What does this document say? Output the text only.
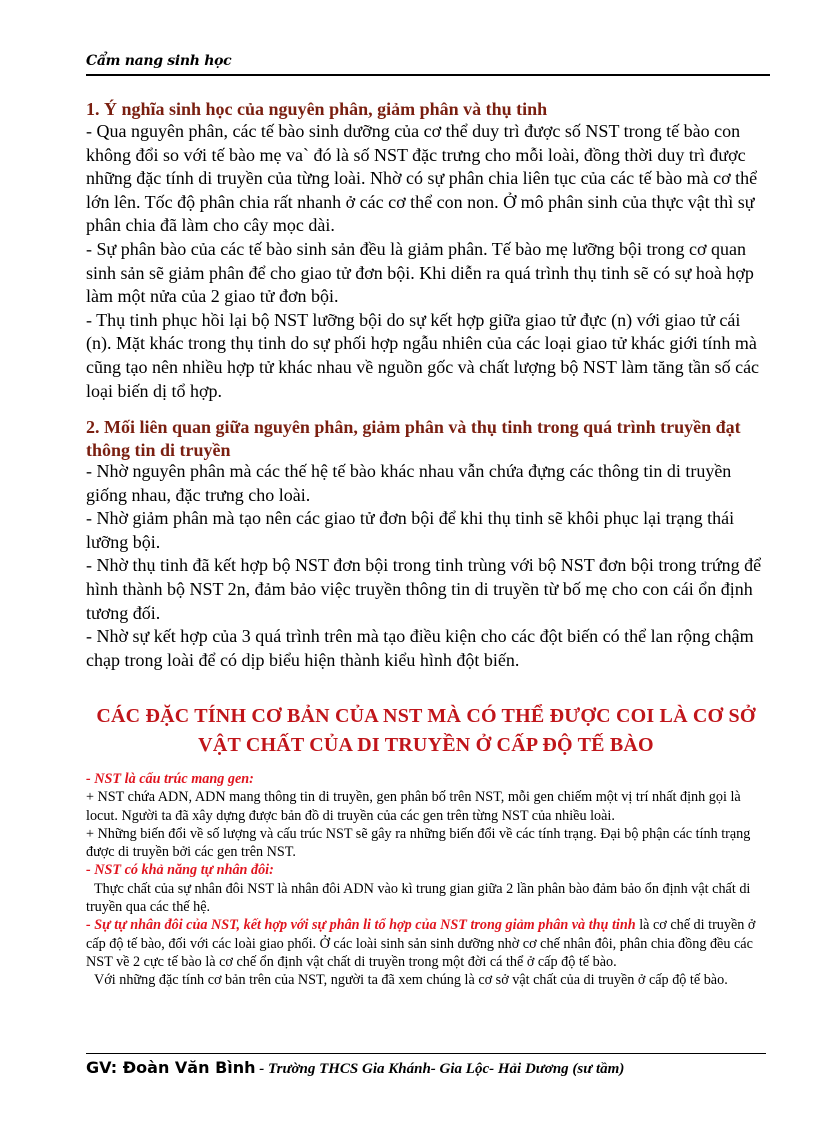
Cẩm nang sinh học
1. Ý nghĩa sinh học của nguyên phân, giảm phân và thụ tinh

- Qua nguyên phân, các tế bào sinh dưỡng của cơ thể duy trì được số NST trong tế bào con không đổi so với tế bào mẹ va` đó là số NST đặc trưng cho mỗi loài, đồng thời duy trì được những đặc tính di truyền của từng loài. Nhờ có sự phân chia liên tục của các tế bào mà cơ thể lớn lên. Tốc độ phân chia rất nhanh ở các cơ thể con non. Ở mô phân sinh của thực vật thì sự phân chia đã làm cho cây mọc dài.

- Sự phân bào của các tế bào sinh sản đều là giảm phân. Tế bào mẹ lưỡng bội trong cơ quan sinh sản sẽ giảm phân để cho giao tử đơn bội. Khi diễn ra quá trình thụ tinh sẽ có sự hoà hợp làm một nửa của 2 giao tử đơn bội.

- Thụ tinh phục hồi lại bộ NST lưỡng bội do sự kết hợp giữa giao tử đực (n) với giao tử cái (n). Mặt khác trong thụ tinh do sự phối hợp ngẫu nhiên của các loại giao tử khác giới tính mà cũng tạo nên nhiều hợp tử khác nhau về nguồn gốc và chất lượng bộ NST làm tăng tần số các loại biến dị tổ hợp.

2. Mối liên quan giữa nguyên phân, giảm phân và thụ tinh trong quá trình truyền đạt thông tin di truyền

- Nhờ nguyên phân mà các thế hệ tế bào khác nhau vẫn chứa đựng các thông tin di truyền giống nhau, đặc trưng cho loài.

- Nhờ giảm phân mà tạo nên các giao tử đơn bội để khi thụ tinh sẽ khôi phục lại trạng thái lưỡng bội.

- Nhờ thụ tinh đã kết hợp bộ NST đơn bội trong tinh trùng với bộ NST đơn bội trong trứng để hình thành bộ NST 2n, đảm bảo việc truyền thông tin di truyền từ bố mẹ cho con cái ổn định tương đối.

- Nhờ sự kết hợp của 3 quá trình trên mà tạo điều kiện cho các đột biến có thể lan rộng chậm chạp trong loài để có dịp biểu hiện thành kiểu hình đột biến.

CÁC ĐẶC TÍNH CƠ BẢN CỦA NST MÀ CÓ THỂ ĐƯỢC COI LÀ CƠ SỞ VẬT CHẤT CỦA DI TRUYỀN Ở CẤP ĐỘ TẾ BÀO

- NST là cấu trúc mang gen:

+ NST chứa ADN, ADN mang thông tin di truyền, gen phân bố trên NST, mỗi gen chiếm một vị trí nhất định gọi là locut. Người ta đã xây dựng được bản đồ di truyền của các gen trên từng NST của nhiều loài.

+ Những biến đổi về số lượng và cấu trúc NST sẽ gây ra những biến đổi về các tính trạng. Đại bộ phận các tính trạng được di truyền bởi các gen trên NST.

- NST có khả năng tự nhân đôi:

Thực chất của sự nhân đôi NST là nhân đôi ADN vào kì trung gian giữa 2 lần phân bào đảm bảo ổn định vật chất di truyền qua các thế hệ.

- Sự tự nhân đôi của NST, kết hợp với sự phân li tổ hợp của NST trong giảm phân và thụ tinh là cơ chế di truyền ở cấp độ tế bào, đối với các loài giao phối. Ở các loài sinh sản sinh dưỡng nhờ cơ chế nhân đôi, phân chia đồng đều các NST về 2 cực tế bào là cơ chế ổn định vật chất di truyền trong một đời cá thể ở cấp độ tế bào.

Với những đặc tính cơ bản trên của NST, người ta đã xem chúng là cơ sở vật chất của di truyền ở cấp độ tế bào.

GV: Đoàn Văn Bình - Trường THCS Gia Khánh- Gia Lộc- Hải Dương (sư tầm)
